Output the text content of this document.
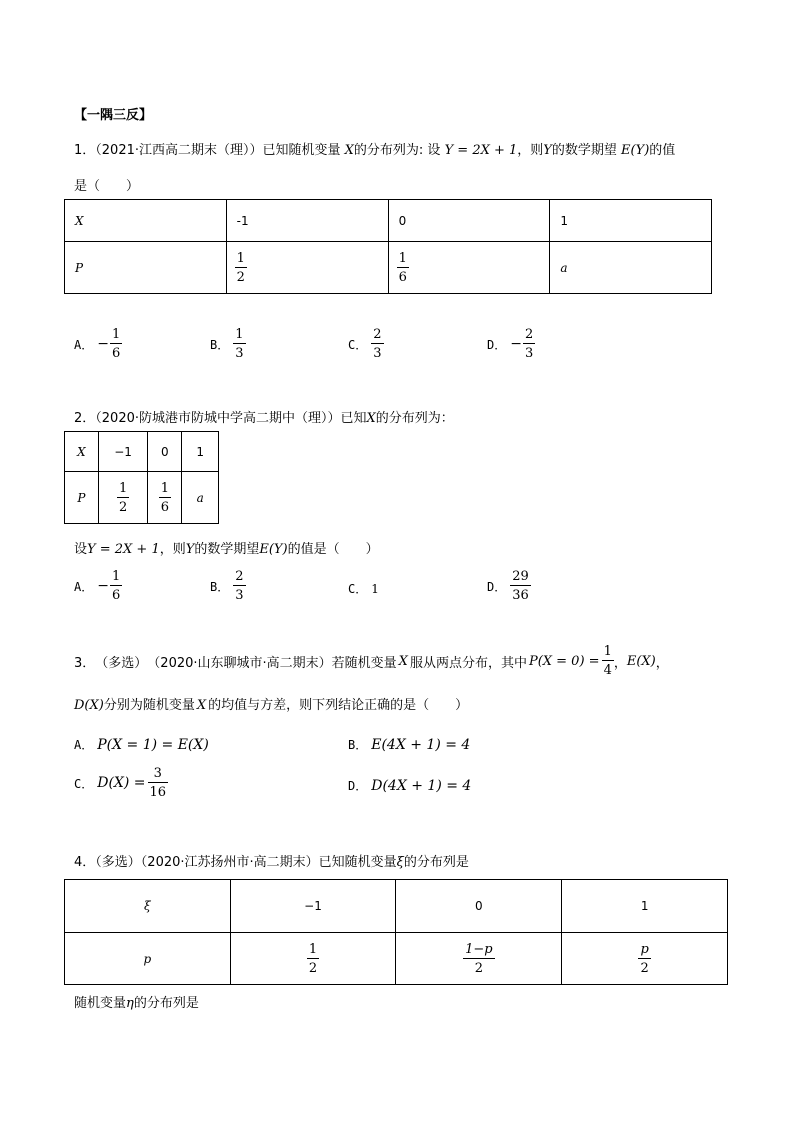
【一隅三反】
1．（2021·江西高二期末（理））已知随机变量 X的分布列为: 设 Y = 2X + 1，则Y的数学期望 E(Y)的值
是（　　）
X	-1	0	1
P	$\frac{1}{2}$	$\frac{1}{6}$	a
A． − $\frac{1}{6}$	B． $\frac{1}{3}$	C． $\frac{2}{3}$	D． − $\frac{2}{3}$
2．（2020·防城港市防城中学高二期中（理））已知X的分布列为：
X	−1	0	1
P	$\frac{1}{2}$	$\frac{1}{6}$	a
设Y = 2X + 1，则Y的数学期望E(Y)的值是（　　）
A． − $\frac{1}{6}$	B． $\frac{2}{3}$	C． 1	D． $\frac{29}{36}$
3． （多选） （2020·山东聊城市·高二期末） 若随机变量 X 服从两点分布，其中 $P(X = 0) = \frac{1}{4}$ ， E(X) ，
D(X)分别为随机变量 X 的均值与方差，则下列结论正确的是（　　）
A． P(X = 1) = E(X)	B． E(4X + 1) = 4
C． $D(X) = \frac{3}{16}$	D． D(4X + 1) = 4
4．（多选）（2020·江苏扬州市·高二期末）已知随机变量ξ的分布列是
ξ	−1	0	1
p	$\frac{1}{2}$	$\frac{1-p}{2}$	$\frac{p}{2}$
随机变量η的分布列是
